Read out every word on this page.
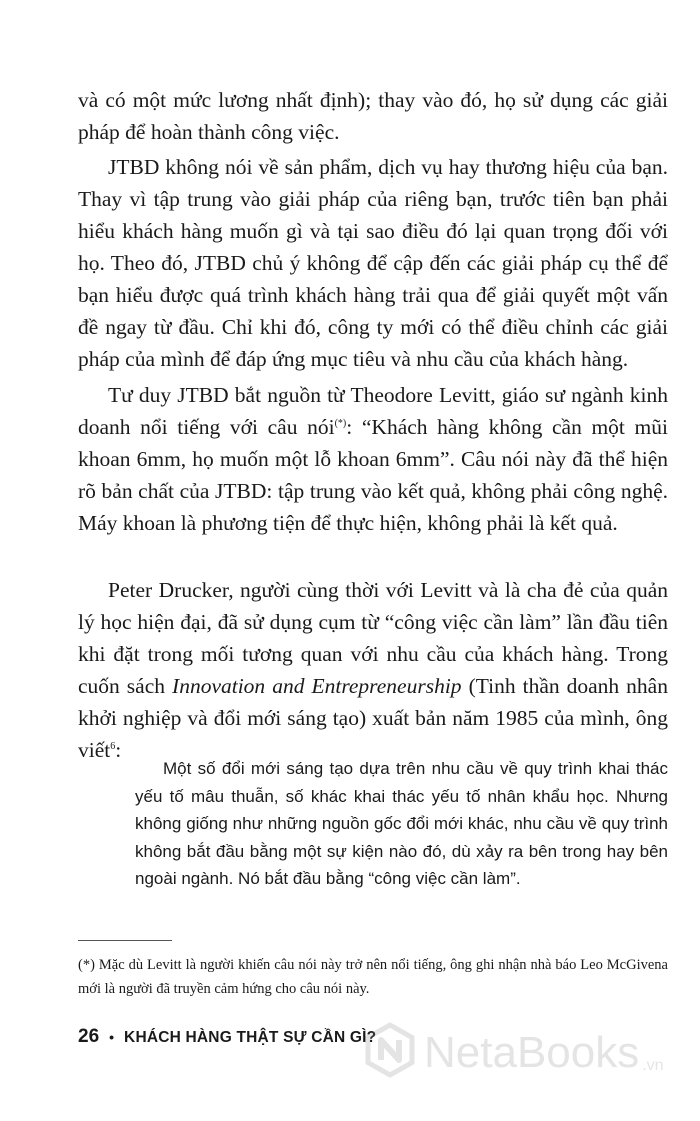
và có một mức lương nhất định); thay vào đó, họ sử dụng các giải pháp để hoàn thành công việc.

JTBD không nói về sản phẩm, dịch vụ hay thương hiệu của bạn. Thay vì tập trung vào giải pháp của riêng bạn, trước tiên bạn phải hiểu khách hàng muốn gì và tại sao điều đó lại quan trọng đối với họ. Theo đó, JTBD chủ ý không để cập đến các giải pháp cụ thể để bạn hiểu được quá trình khách hàng trải qua để giải quyết một vấn đề ngay từ đầu. Chỉ khi đó, công ty mới có thể điều chỉnh các giải pháp của mình để đáp ứng mục tiêu và nhu cầu của khách hàng.

Tư duy JTBD bắt nguồn từ Theodore Levitt, giáo sư ngành kinh doanh nổi tiếng với câu nói(*): “Khách hàng không cần một mũi khoan 6mm, họ muốn một lỗ khoan 6mm”. Câu nói này đã thể hiện rõ bản chất của JTBD: tập trung vào kết quả, không phải công nghệ. Máy khoan là phương tiện để thực hiện, không phải là kết quả.

Peter Drucker, người cùng thời với Levitt và là cha đẻ của quản lý học hiện đại, đã sử dụng cụm từ “công việc cần làm” lần đầu tiên khi đặt trong mối tương quan với nhu cầu của khách hàng. Trong cuốn sách Innovation and Entrepreneurship (Tinh thần doanh nhân khởi nghiệp và đổi mới sáng tạo) xuất bản năm 1985 của mình, ông viết$^6$:

Một số đổi mới sáng tạo dựa trên nhu cầu về quy trình khai thác yếu tố mâu thuẫn, số khác khai thác yếu tố nhân khẩu học. Nhưng không giống như những nguồn gốc đổi mới khác, nhu cầu về quy trình không bắt đầu bằng một sự kiện nào đó, dù xảy ra bên trong hay bên ngoài ngành. Nó bắt đầu bằng “công việc cần làm”.

(*) Mặc dù Levitt là người khiến câu nói này trở nên nổi tiếng, ông ghi nhận nhà báo Leo McGivena mới là người đã truyền cảm hứng cho câu nói này.

26 • KHÁCH HÀNG THẬT SỰ CẦN GÌ? NetaBooks .vn
